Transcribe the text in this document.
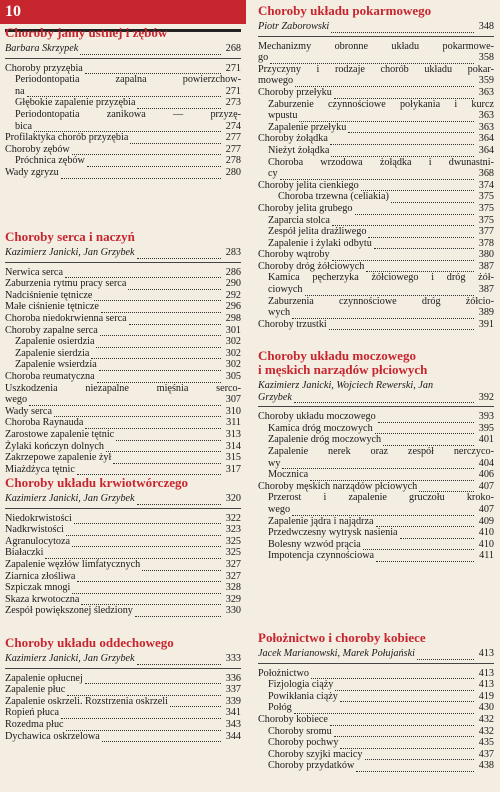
10
Choroby jamy ustnej i zębów
Barbara Skrzypek	268
Choroby przyzębia	271
Periodontopatia zapalna powierzchow-
na	271
Głębokie zapalenie przyzębia	273
Periodontopatia zanikowa — przyzę-
bica	274
Profilaktyka chorób przyzębia	277
Choroby zębów	277
Próchnica zębów	278
Wady zgryzu	280
Choroby serca i naczyń
Kazimierz Janicki, Jan Grzybek	283
Nerwica serca	286
Zaburzenia rytmu pracy serca	290
Nadciśnienie tętnicze	292
Małe ciśnienie tętnicze	296
Choroba niedokrwienna serca	298
Choroby zapalne serca	301
Zapalenie osierdzia	302
Zapalenie sierdzia	302
Zapalenie wsierdzia	302
Choroba reumatyczna	305
Uszkodzenia niezapalne mięśnia serco-
wego	307
Wady serca	310
Choroba Raynauda	311
Zarostowe zapalenie tętnic	313
Żylaki kończyn dolnych	314
Zakrzepowe zapalenie żył	315
Miażdżyca tętnic	317
Choroby układu krwiotwórczego
Kazimierz Janicki, Jan Grzybek	320
Niedokrwistości	322
Nadkrwistości	323
Agranulocytoza	325
Białaczki	325
Zapalenie węzłów limfatycznych	327
Ziarnica złośliwa	327
Szpiczak mnogi	328
Skaza krwotoczna	329
Zespół powiększonej śledziony	330
Choroby układu oddechowego
Kazimierz Janicki, Jan Grzybek	333
Zapalenie opłucnej	336
Zapalenie płuc	337
Zapalenie oskrzeli. Rozstrzenia oskrzeli	339
Ropień płuca	341
Rozedma płuc	343
Dychawica oskrzelowa	344
Choroby układu pokarmowego
Piotr Zaborowski	348
Mechanizmy obronne układu pokarmowe-
go	358
Przyczyny i rodzaje chorób układu pokar-
mowego	359
Choroby przełyku	363
Zaburzenie czynnościowe połykania i kurcz
wpustu	363
Zapalenie przełyku	363
Choroby żołądka	364
Nieżyt żołądka	364
Choroba wrzodowa żołądka i dwunastni-
cy	368
Choroby jelita cienkiego	374
Choroba trzewna (celiakia)	375
Choroby jelita grubego	375
Zaparcia stolca	375
Zespół jelita drażliwego	377
Zapalenie i żylaki odbytu	378
Choroby wątroby	380
Choroby dróg żółciowych	387
Kamica pęcherzyka żółciowego i dróg żół-
ciowych	387
Zaburzenia czynnościowe dróg żółcio-
wych	389
Choroby trzustki	391
Choroby układu moczowego
i męskich narządów płciowych
Kazimierz Janicki, Wojciech Rewerski, Jan
Grzybek	392
Choroby układu moczowego	393
Kamica dróg moczowych	395
Zapalenie dróg moczowych	401
Zapalenie nerek oraz zespół nerczyco-
wy	404
Mocznica	406
Choroby męskich narządów płciowych	407
Przerost i zapalenie gruczołu kroko-
wego	407
Zapalenie jądra i najądrza	409
Przedwczesny wytrysk nasienia	410
Bolesny wzwód prącia	410
Impotencja czynnościowa	411
Położnictwo i choroby kobiece
Jacek Marianowski, Marek Połujański	413
Położnictwo	413
Fizjologia ciąży	413
Powikłania ciąży	419
Połóg	430
Choroby kobiece	432
Choroby sromu	432
Choroby pochwy	435
Choroby szyjki macicy	437
Choroby przydatków	438
